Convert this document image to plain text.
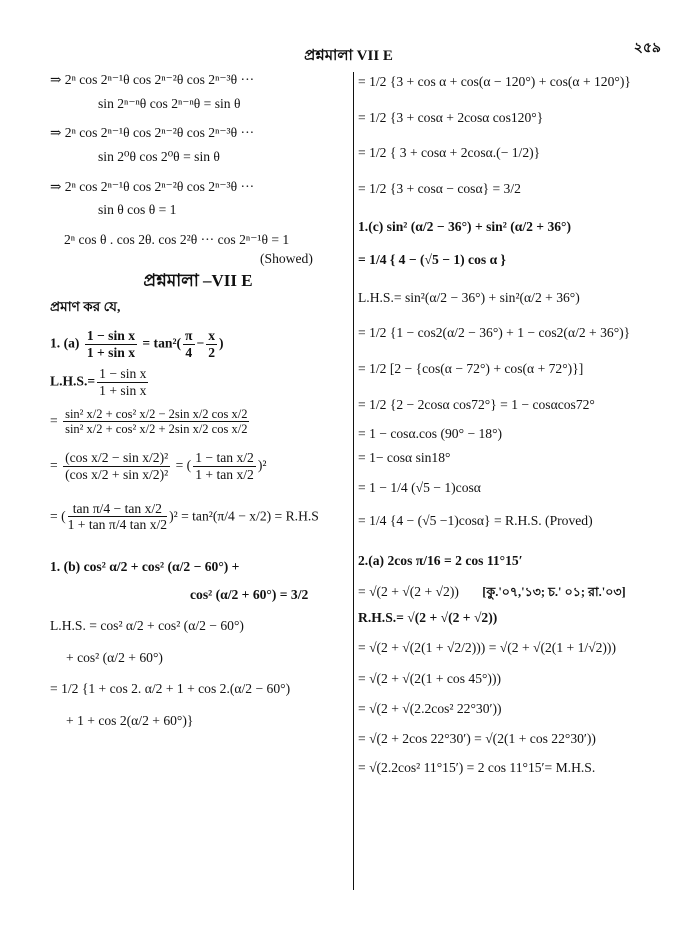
২৫৯
প্রশ্নমালা VII E
⇒ 2ⁿ cos 2ⁿ⁻¹θ cos 2ⁿ⁻²θ cos 2ⁿ⁻³θ ···
sin 2ⁿ⁻ⁿθ cos 2ⁿ⁻ⁿθ = sin θ
⇒ 2ⁿ cos 2ⁿ⁻¹θ cos 2ⁿ⁻²θ cos 2ⁿ⁻³θ ···
sin 2⁰θ cos 2⁰θ = sin θ
⇒ 2ⁿ cos 2ⁿ⁻¹θ cos 2ⁿ⁻²θ cos 2ⁿ⁻³θ ···
sin θ cos θ = 1
2ⁿ cos θ . cos 2θ. cos 2²θ ··· cos 2ⁿ⁻¹θ = 1
(Showed)
প্রশ্নমালা –VII E
প্রমাণ কর যে,
1. $(a) \frac{\text{1 − sin x}}{\text{1 + sin x}} = \tan^2( \frac{\pi}{4} - \frac{x}{2}$ )
$L.H.S.= \frac{\text{1 − sin x}}{\text{1 + sin x}}$
= $\frac{\text{sin² x/2 + cos² x/2 − 2sin x/2 cos x/2}}{\text{sin² x/2 + cos² x/2 + 2sin x/2 cos x/2}}$
= $\frac{\text{(cos x/2 − sin x/2)²}}{\text{(cos x/2 + sin x/2)²}}$ = ( $\frac{\text{1 − tan x/2}}{\text{1 + tan x/2}} )^2$
= ( $\frac{\text{tan π/4 − tan x/2}}{\text{1 + tan π/4 tan x/2}} )^2 = \tan^2(\pi/4 - x/2) = R.H.S$
1. (b) cos² α/2 + cos² (α/2 − 60°) +
cos² (α/2 + 60°) = 3/2
L.H.S. = cos² α/2 + cos² (α/2 − 60°)
+ cos² (α/2 + 60°)
= 1/2 {1 + cos 2. α/2 + 1 + cos 2.(α/2 − 60°)
+ 1 + cos 2(α/2 + 60°)}
= 1/2 {3 + cos α + cos(α − 120°) + cos(α + 120°)}
= 1/2 {3 + cosα + 2cosα cos120°}
= 1/2 { 3 + cosα + 2cosα.(− 1/2)}
= 1/2 {3 + cosα − cosα} = 3/2
1.(c) sin² (α/2 − 36°) + sin² (α/2 + 36°)
= 1/4 { 4 − (√5 − 1) cos α }
L.H.S.= sin²(α/2 − 36°) + sin²(α/2 + 36°)
= 1/2 {1 − cos2(α/2 − 36°) + 1 − cos2(α/2 + 36°)}
= 1/2 [2 − {cos(α − 72°) + cos(α + 72°)}]
= 1/2 {2 − 2cosα cos72°} = 1 − cosαcos72°
= 1 − cosα.cos (90° − 18°)
= 1− cosα sin18°
= 1 − 1/4 (√5 − 1)cosα
= 1/4 {4 − (√5 −1)cosα} = R.H.S. (Proved)
2.(a) 2cos π/16 = 2 cos 11°15′
= √(2 + √(2 + √2)) [কু.'০৭,'১৩; চ.' ০১; রা.'০৩]
R.H.S.= √(2 + √(2 + √2))
= √(2 + √(2(1 + √2/2))) = √(2 + √(2(1 + 1/√2)))
= √(2 + √(2(1 + cos 45°)))
= √(2 + √(2.2cos² 22°30′))
= √(2 + 2cos 22°30′) = √(2(1 + cos 22°30′))
= √(2.2cos² 11°15′) = 2 cos 11°15′= M.H.S.
